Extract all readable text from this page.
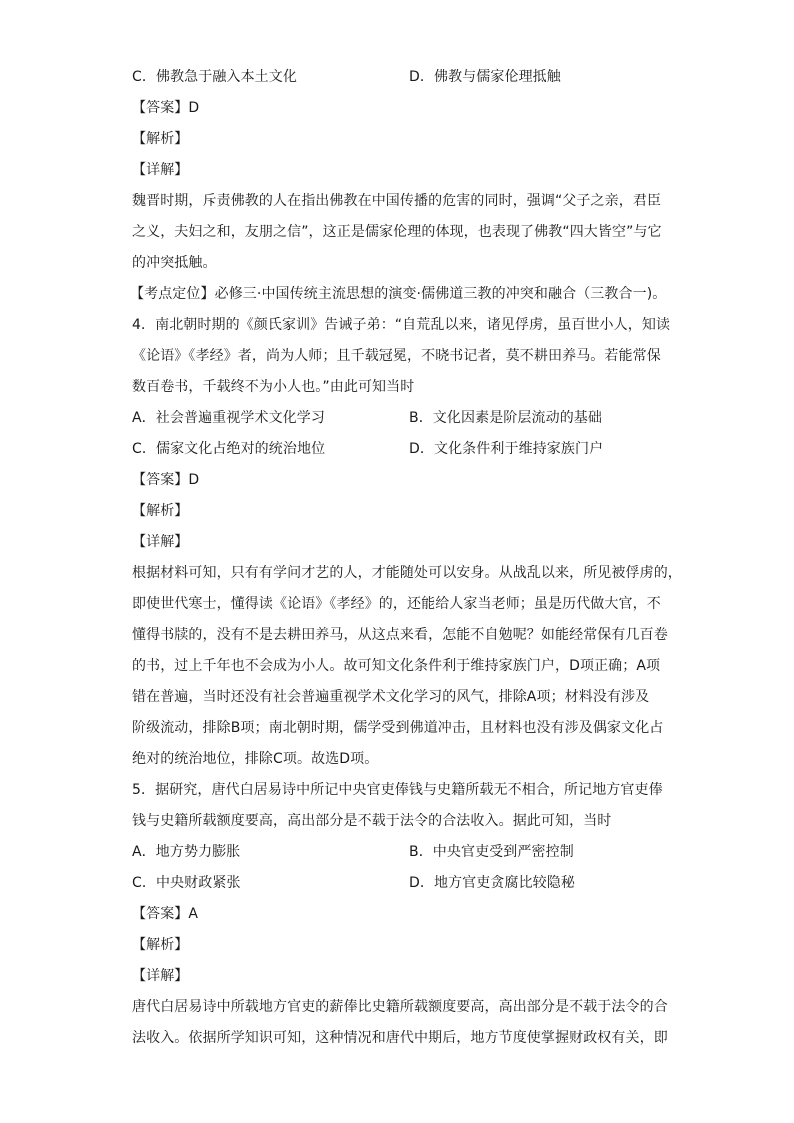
C．佛教急于融入本土文化	D．佛教与儒家伦理抵触
【答案】D
【解析】
【详解】
魏晋时期，斥责佛教的人在指出佛教在中国传播的危害的同时，强调“父子之亲，君臣
之义，夫妇之和，友朋之信”，这正是儒家伦理的体现，也表现了佛教“四大皆空”与它
的冲突抵触。
【考点定位】必修三·中国传统主流思想的演变·儒佛道三教的冲突和融合（三教合一)。
4．南北朝时期的《颜氏家训》告诫子弟：“自荒乱以来，诸见俘虏，虽百世小人，知读
《论语》《孝经》者，尚为人师；且千载冠冕，不晓书记者，莫不耕田养马。若能常保
数百卷书，千载终不为小人也。”由此可知当时
A．社会普遍重视学术文化学习	B．文化因素是阶层流动的基础
C．儒家文化占绝对的统治地位	D．文化条件利于维持家族门户
【答案】D
【解析】
【详解】
根据材料可知，只有有学问才艺的人，才能随处可以安身。从战乱以来，所见被俘虏的，
即使世代寒士，懂得读《论语》《孝经》的，还能给人家当老师；虽是历代做大官，不
懂得书牍的，没有不是去耕田养马，从这点来看，怎能不自勉呢？如能经常保有几百卷
的书，过上千年也不会成为小人。故可知文化条件利于维持家族门户，D项正确；A项
错在普遍，当时还没有社会普遍重视学术文化学习的风气，排除A项；材料没有涉及
阶级流动，排除B项；南北朝时期，儒学受到佛道冲击，且材料也没有涉及偶家文化占
绝对的统治地位，排除C项。故选D项。
5．据研究，唐代白居易诗中所记中央官吏俸钱与史籍所载无不相合，所记地方官吏俸
钱与史籍所载额度要高，高出部分是不载于法令的合法收入。据此可知，当时
A．地方势力膨胀	B．中央官吏受到严密控制
C．中央财政紧张	D．地方官吏贪腐比较隐秘
【答案】A
【解析】
【详解】
唐代白居易诗中所载地方官吏的薪俸比史籍所载额度要高，高出部分是不载于法令的合
法收入。依据所学知识可知，这种情况和唐代中期后，地方节度使掌握财政权有关，即
